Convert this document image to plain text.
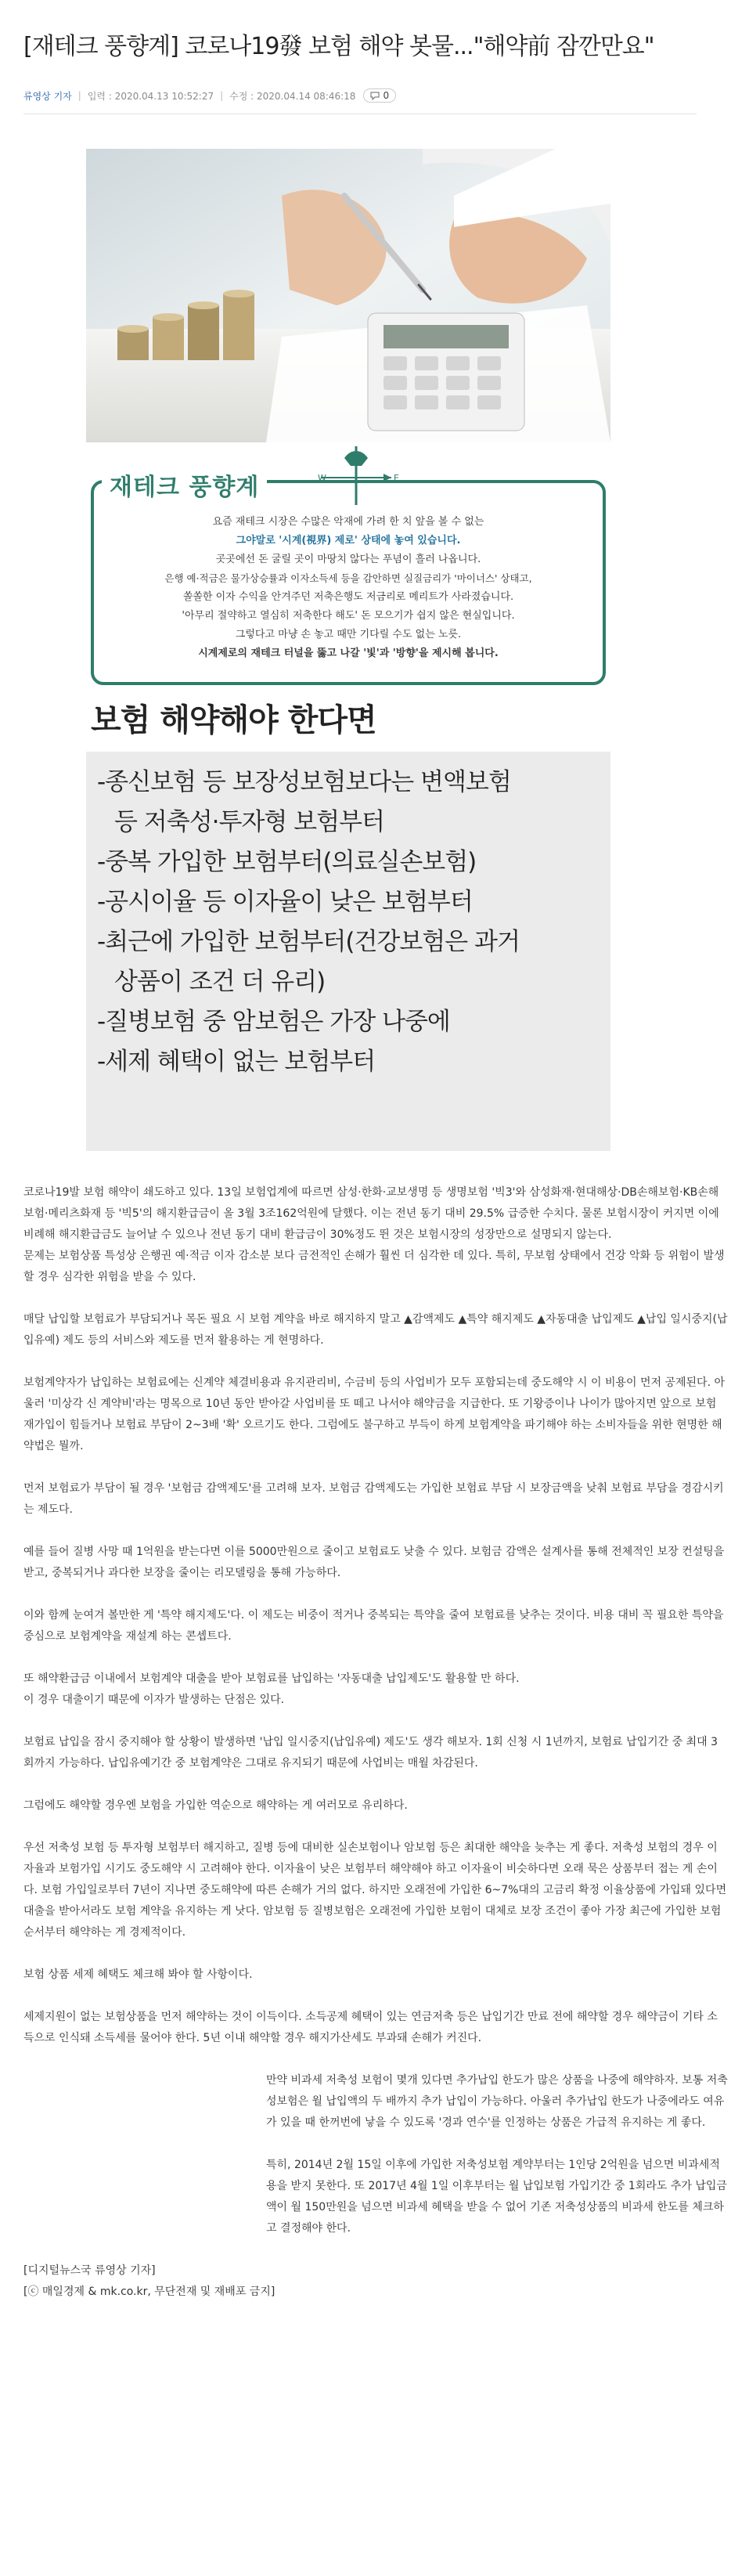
[재테크 풍향계] 코로나19發 보험 해약 봇물..."해약前 잠깐만요"
류영상 기자 | 입력 : 2020.04.13 10:52:27 | 수정 : 2020.04.14 08:46:18	0
W	E
재테크 풍향계
요즘 재테크 시장은 수많은 악재에 가려 한 치 앞을 볼 수 없는
그야말로 '시계(視界) 제로' 상태에 놓여 있습니다.
곳곳에선 돈 굴릴 곳이 마땅치 않다는 푸념이 흘러 나옵니다.
은행 예·적금은 물가상승률과 이자소득세 등을 감안하면 실질금리가 '마이너스' 상태고,
쏠쏠한 이자 수익을 안겨주던 저축은행도 저금리로 메리트가 사라졌습니다.
'아무리 절약하고 열심히 저축한다 해도' 돈 모으기가 쉽지 않은 현실입니다.
그렇다고 마냥 손 놓고 때만 기다릴 수도 없는 노릇.
시계제로의 재테크 터널을 뚫고 나갈 '빛'과 '방향'을 제시해 봅니다.
보험 해약해야 한다면
-종신보험 등 보장성보험보다는 변액보험
등 저축성·투자형 보험부터
-중복 가입한 보험부터(의료실손보험)
-공시이율 등 이자율이 낮은 보험부터
-최근에 가입한 보험부터(건강보험은 과거
상품이 조건 더 유리)
-질병보험 중 암보험은 가장 나중에
-세제 혜택이 없는 보험부터

코로나19발 보험 해약이 쇄도하고 있다. 13일 보험업계에 따르면 삼성·한화·교보생명 등 생명보험 '빅3'와 삼성화재·현대해상·DB손해보험·KB손해보험·메리츠화재 등 '빅5'의 해지환급금이 올 3월 3조162억원에 달했다. 이는 전년 동기 대비 29.5% 급증한 수치다. 물론 보험시장이 커지면 이에 비례해 해지환급금도 늘어날 수 있으나 전년 동기 대비 환급금이 30%정도 뛴 것은 보험시장의 성장만으로 설명되지 않는다.
문제는 보험상품 특성상 은행권 예·적금 이자 감소분 보다 금전적인 손해가 훨씬 더 심각한 데 있다. 특히, 무보험 상태에서 건강 악화 등 위험이 발생할 경우 심각한 위험을 받을 수 있다.

매달 납입할 보험료가 부담되거나 목돈 필요 시 보험 계약을 바로 해지하지 말고 ▲감액제도 ▲특약 해지제도 ▲자동대출 납입제도 ▲납입 일시중지(납입유예) 제도 등의 서비스와 제도를 먼저 활용하는 게 현명하다.

보험계약자가 납입하는 보험료에는 신계약 체결비용과 유지관리비, 수금비 등의 사업비가 모두 포함되는데 중도해약 시 이 비용이 먼저 공제된다. 아울러 '미상각 신 계약비'라는 명목으로 10년 동안 받아갈 사업비를 또 떼고 나서야 해약금을 지급한다. 또 기왕증이나 나이가 많아지면 앞으로 보험 재가입이 힘들거나 보험료 부담이 2~3배 '확' 오르기도 한다. 그럼에도 불구하고 부득이 하게 보험계약을 파기해야 하는 소비자들을 위한 현명한 해약법은 뭘까.

먼저 보험료가 부담이 될 경우 '보험금 감액제도'를 고려해 보자. 보험금 감액제도는 가입한 보험료 부담 시 보장금액을 낮춰 보험료 부담을 경감시키는 제도다.

예를 들어 질병 사망 때 1억원을 받는다면 이를 5000만원으로 줄이고 보험료도 낮출 수 있다. 보험금 감액은 설계사를 통해 전체적인 보장 컨설팅을 받고, 중복되거나 과다한 보장을 줄이는 리모델링을 통해 가능하다.

이와 함께 눈여겨 볼만한 게 '특약 해지제도'다. 이 제도는 비중이 적거나 중복되는 특약을 줄여 보험료를 낮추는 것이다. 비용 대비 꼭 필요한 특약을 중심으로 보험계약을 재설계 하는 콘셉트다.

또 해약환급금 이내에서 보험계약 대출을 받아 보험료를 납입하는 '자동대출 납입제도'도 활용할 만 하다.
이 경우 대출이기 때문에 이자가 발생하는 단점은 있다.

보험료 납입을 잠시 중지해야 할 상황이 발생하면 '납입 일시중지(납입유예) 제도'도 생각 해보자. 1회 신청 시 1년까지, 보험료 납입기간 중 최대 3회까지 가능하다. 납입유예기간 중 보험계약은 그대로 유지되기 때문에 사업비는 매월 차감된다.

그럼에도 해약할 경우엔 보험을 가입한 역순으로 해약하는 게 여러모로 유리하다.

우선 저축성 보험 등 투자형 보험부터 해지하고, 질병 등에 대비한 실손보험이나 암보험 등은 최대한 해약을 늦추는 게 좋다. 저축성 보험의 경우 이자율과 보험가입 시기도 중도해약 시 고려해야 한다. 이자율이 낮은 보험부터 해약해야 하고 이자율이 비슷하다면 오래 묵은 상품부터 접는 게 손이다. 보험 가입일로부터 7년이 지나면 중도해약에 따른 손해가 거의 없다. 하지만 오래전에 가입한 6~7%대의 고금리 확정 이율상품에 가입돼 있다면 대출을 받아서라도 보험 계약을 유지하는 게 낫다. 암보험 등 질병보험은 오래전에 가입한 보험이 대체로 보장 조건이 좋아 가장 최근에 가입한 보험 순서부터 해약하는 게 경제적이다.

보험 상품 세제 혜택도 체크해 봐야 할 사항이다.

세제지원이 없는 보험상품을 먼저 해약하는 것이 이득이다. 소득공제 혜택이 있는 연금저축 등은 납입기간 만료 전에 해약할 경우 해약금이 기타 소득으로 인식돼 소득세를 물어야 한다. 5년 이내 해약할 경우 해지가산세도 부과돼 손해가 커진다.

만약 비과세 저축성 보험이 몇개 있다면 추가납입 한도가 많은 상품을 나중에 해약하자. 보통 저축성보험은 월 납입액의 두 배까지 추가 납입이 가능하다. 아울러 추가납입 한도가 나중에라도 여유가 있을 때 한꺼번에 낳을 수 있도록 '경과 연수'를 인정하는 상품은 가급적 유지하는 게 좋다.

특히, 2014년 2월 15일 이후에 가입한 저축성보험 계약부터는 1인당 2억원을 넘으면 비과세적용을 받지 못한다. 또 2017년 4월 1일 이후부터는 월 납입보험 가입기간 중 1회라도 추가 납입금액이 월 150만원을 넘으면 비과세 혜택을 받을 수 없어 기존 저축성상품의 비과세 한도를 체크하고 결정해야 한다.

[디지털뉴스국 류영상 기자]

[ⓒ 매일경제 & mk.co.kr, 무단전재 및 재배포 금지]
